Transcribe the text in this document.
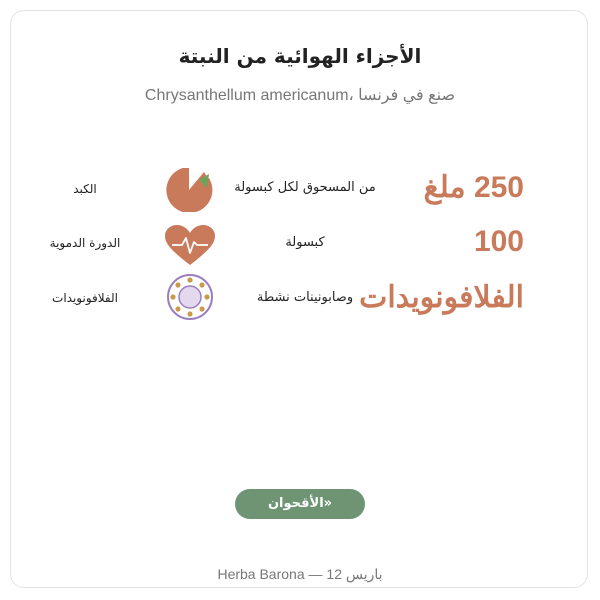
الأجزاء الهوائية من النبتة
صنع في فرنسا ،Chrysanthellum americanum
250 ملغ
من المسحوق لكل كبسولة
الكبد
100
كبسولة
الدورة الدموية
الفلافونويدات
وصابونينات نشطة
الفلافونويدات
«الأقحوان الأمريكي»
باريس 12 — Herba Barona
